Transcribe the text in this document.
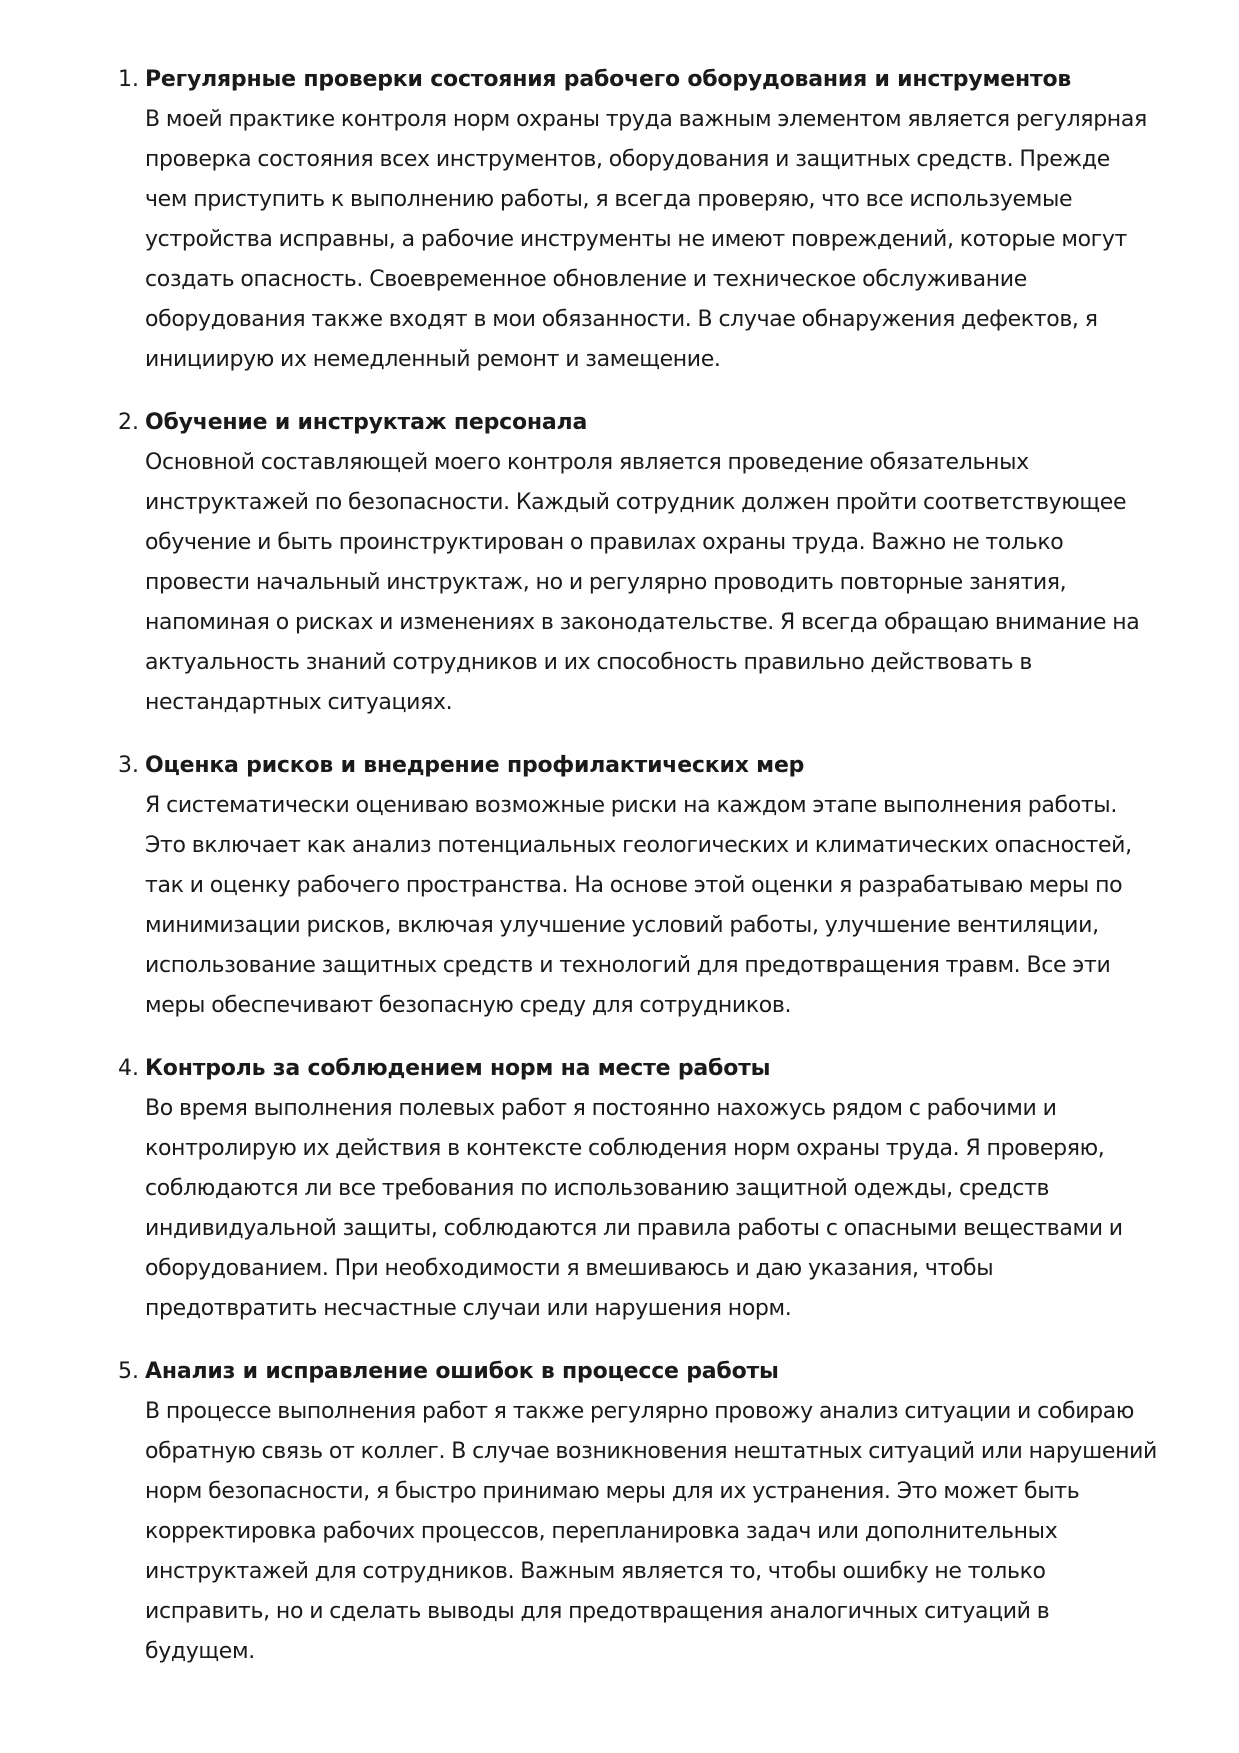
1. Регулярные проверки состояния рабочего оборудования и инструментов

В моей практике контроля норм охраны труда важным элементом является регулярная проверка состояния всех инструментов, оборудования и защитных средств. Прежде чем приступить к выполнению работы, я всегда проверяю, что все используемые устройства исправны, а рабочие инструменты не имеют повреждений, которые могут создать опасность. Своевременное обновление и техническое обслуживание оборудования также входят в мои обязанности. В случае обнаружения дефектов, я инициирую их немедленный ремонт и замещение.

2. Обучение и инструктаж персонала

Основной составляющей моего контроля является проведение обязательных инструктажей по безопасности. Каждый сотрудник должен пройти соответствующее обучение и быть проинструктирован о правилах охраны труда. Важно не только провести начальный инструктаж, но и регулярно проводить повторные занятия, напоминая о рисках и изменениях в законодательстве. Я всегда обращаю внимание на актуальность знаний сотрудников и их способность правильно действовать в нестандартных ситуациях.

3. Оценка рисков и внедрение профилактических мер

Я систематически оцениваю возможные риски на каждом этапе выполнения работы. Это включает как анализ потенциальных геологических и климатических опасностей, так и оценку рабочего пространства. На основе этой оценки я разрабатываю меры по минимизации рисков, включая улучшение условий работы, улучшение вентиляции, использование защитных средств и технологий для предотвращения травм. Все эти меры обеспечивают безопасную среду для сотрудников.

4. Контроль за соблюдением норм на месте работы

Во время выполнения полевых работ я постоянно нахожусь рядом с рабочими и контролирую их действия в контексте соблюдения норм охраны труда. Я проверяю, соблюдаются ли все требования по использованию защитной одежды, средств индивидуальной защиты, соблюдаются ли правила работы с опасными веществами и оборудованием. При необходимости я вмешиваюсь и даю указания, чтобы предотвратить несчастные случаи или нарушения норм.

5. Анализ и исправление ошибок в процессе работы

В процессе выполнения работ я также регулярно провожу анализ ситуации и собираю обратную связь от коллег. В случае возникновения нештатных ситуаций или нарушений норм безопасности, я быстро принимаю меры для их устранения. Это может быть корректировка рабочих процессов, перепланировка задач или дополнительных инструктажей для сотрудников. Важным является то, чтобы ошибку не только исправить, но и сделать выводы для предотвращения аналогичных ситуаций в будущем.
